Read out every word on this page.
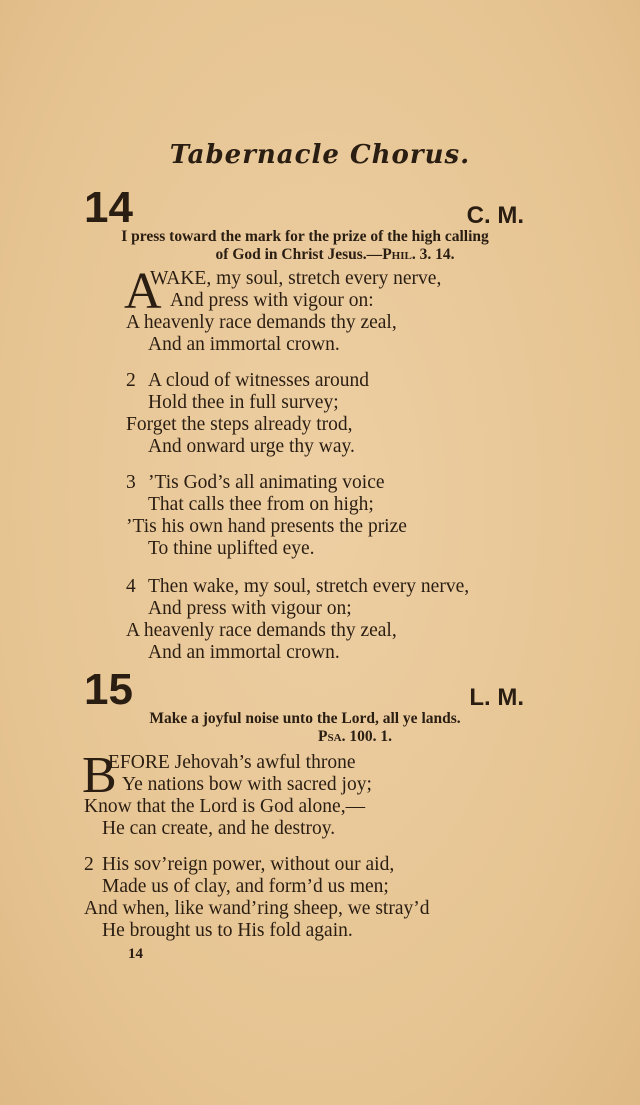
Tabernacle Chorus.
14	C. M.
I press toward the mark for the prize of the high calling
of God in Christ Jesus.—Phil. 3. 14.
A
WAKE, my soul, stretch every nerve,
And press with vigour on:
A heavenly race demands thy zeal,
And an immortal crown.
2 A cloud of witnesses around
Hold thee in full survey;
Forget the steps already trod,
And onward urge thy way.
3 ’Tis God’s all animating voice
That calls thee from on high;
’Tis his own hand presents the prize
To thine uplifted eye.
4 Then wake, my soul, stretch every nerve,
And press with vigour on;
A heavenly race demands thy zeal,
And an immortal crown.
15	L. M.
Make a joyful noise unto the Lord, all ye lands.
Psa. 100. 1.
B
EFORE Jehovah’s awful throne
Ye nations bow with sacred joy;
Know that the Lord is God alone,—
He can create, and he destroy.
2 His sov’reign power, without our aid,
Made us of clay, and form’d us men;
And when, like wand’ring sheep, we stray’d
He brought us to His fold again.
14
